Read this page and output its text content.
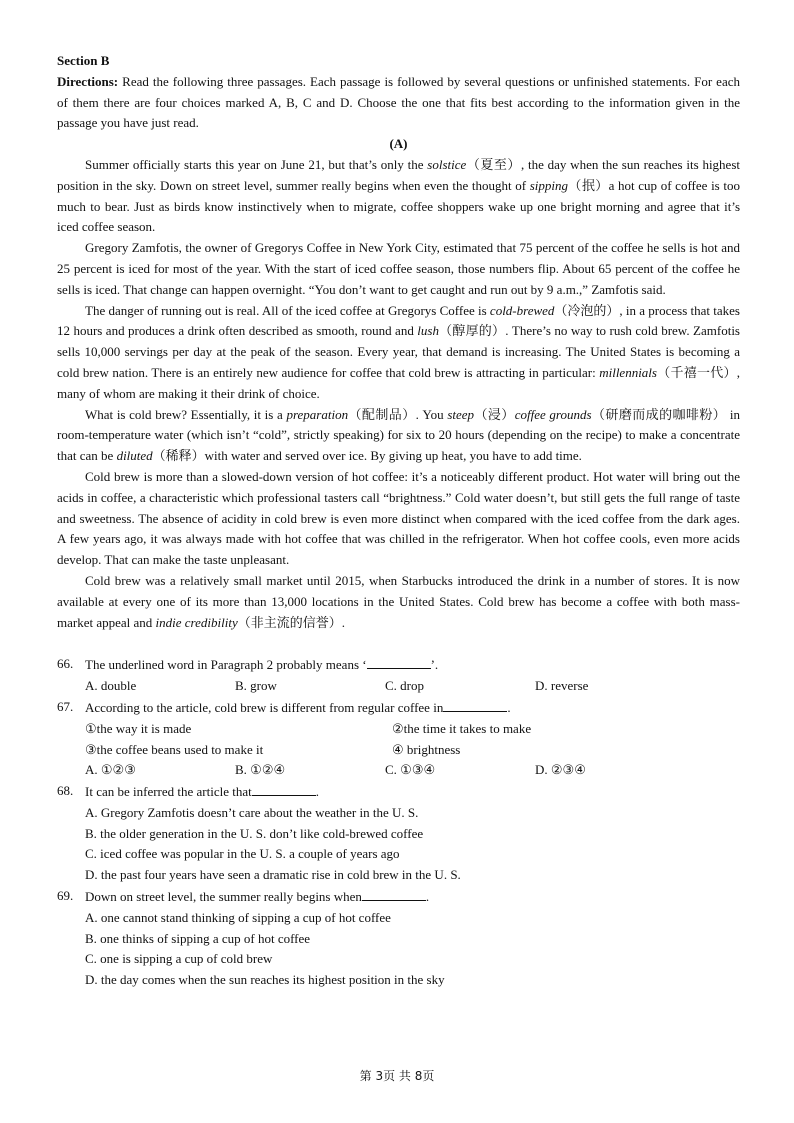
Section B

Directions: Read the following three passages. Each passage is followed by several questions or unfinished statements. For each of them there are four choices marked A, B, C and D. Choose the one that fits best according to the information given in the passage you have just read.

(A)

Summer officially starts this year on June 21, but that’s only the solstice（夏至）, the day when the sun reaches its highest position in the sky. Down on street level, summer really begins when even the thought of sipping（抿）a hot cup of coffee is too much to bear. Just as birds know instinctively when to migrate, coffee shoppers wake up one bright morning and agree that it’s iced coffee season.

Gregory Zamfotis, the owner of Gregorys Coffee in New York City, estimated that 75 percent of the coffee he sells is hot and 25 percent is iced for most of the year. With the start of iced coffee season, those numbers flip. About 65 percent of the coffee he sells is iced. That change can happen overnight. “You don’t want to get caught and run out by 9 a.m.,” Zamfotis said.

The danger of running out is real. All of the iced coffee at Gregorys Coffee is cold-brewed（冷泡的）, in a process that takes 12 hours and produces a drink often described as smooth, round and lush（醇厚的）. There’s no way to rush cold brew. Zamfotis sells 10,000 servings per day at the peak of the season. Every year, that demand is increasing. The United States is becoming a cold brew nation. There is an entirely new audience for coffee that cold brew is attracting in particular: millennials（千禧一代）, many of whom are making it their drink of choice.

What is cold brew? Essentially, it is a preparation（配制品）. You steep（浸）coffee grounds（研磨而成的咖啡粉） in room-temperature water (which isn’t “cold”, strictly speaking) for six to 20 hours (depending on the recipe) to make a concentrate that can be diluted（稀释）with water and served over ice. By giving up heat, you have to add time.

Cold brew is more than a slowed-down version of hot coffee: it’s a noticeably different product. Hot water will bring out the acids in coffee, a characteristic which professional tasters call “brightness.” Cold water doesn’t, but still gets the full range of taste and sweetness. The absence of acidity in cold brew is even more distinct when compared with the iced coffee from the dark ages. A few years ago, it was always made with hot coffee that was chilled in the refrigerator. When hot coffee cools, even more acids develop. That can make the taste unpleasant.

Cold brew was a relatively small market until 2015, when Starbucks introduced the drink in a number of stores. It is now available at every one of its more than 13,000 locations in the United States. Cold brew has become a coffee with both mass-market appeal and indie credibility（非主流的信誉）.

66. The underlined word in Paragraph 2 probably means ‘	’.
A. double	B. grow	C. drop	D. reverse
67. According to the article, cold brew is different from regular coffee in	.
①the way it is made	②the time it takes to make
③the coffee beans used to make it	④ brightness
A. ①②③	B. ①②④	C. ①③④	D. ②③④
68. It can be inferred the article that	.

A. Gregory Zamfotis doesn’t care about the weather in the U. S.

B. the older generation in the U. S. don’t like cold-brewed coffee

C. iced coffee was popular in the U. S. a couple of years ago

D. the past four years have seen a dramatic rise in cold brew in the U. S.

69. Down on street level, the summer really begins when	.

A. one cannot stand thinking of sipping a cup of hot coffee

B. one thinks of sipping a cup of hot coffee

C. one is sipping a cup of cold brew

D. the day comes when the sun reaches its highest position in the sky

第 3页 共 8页
